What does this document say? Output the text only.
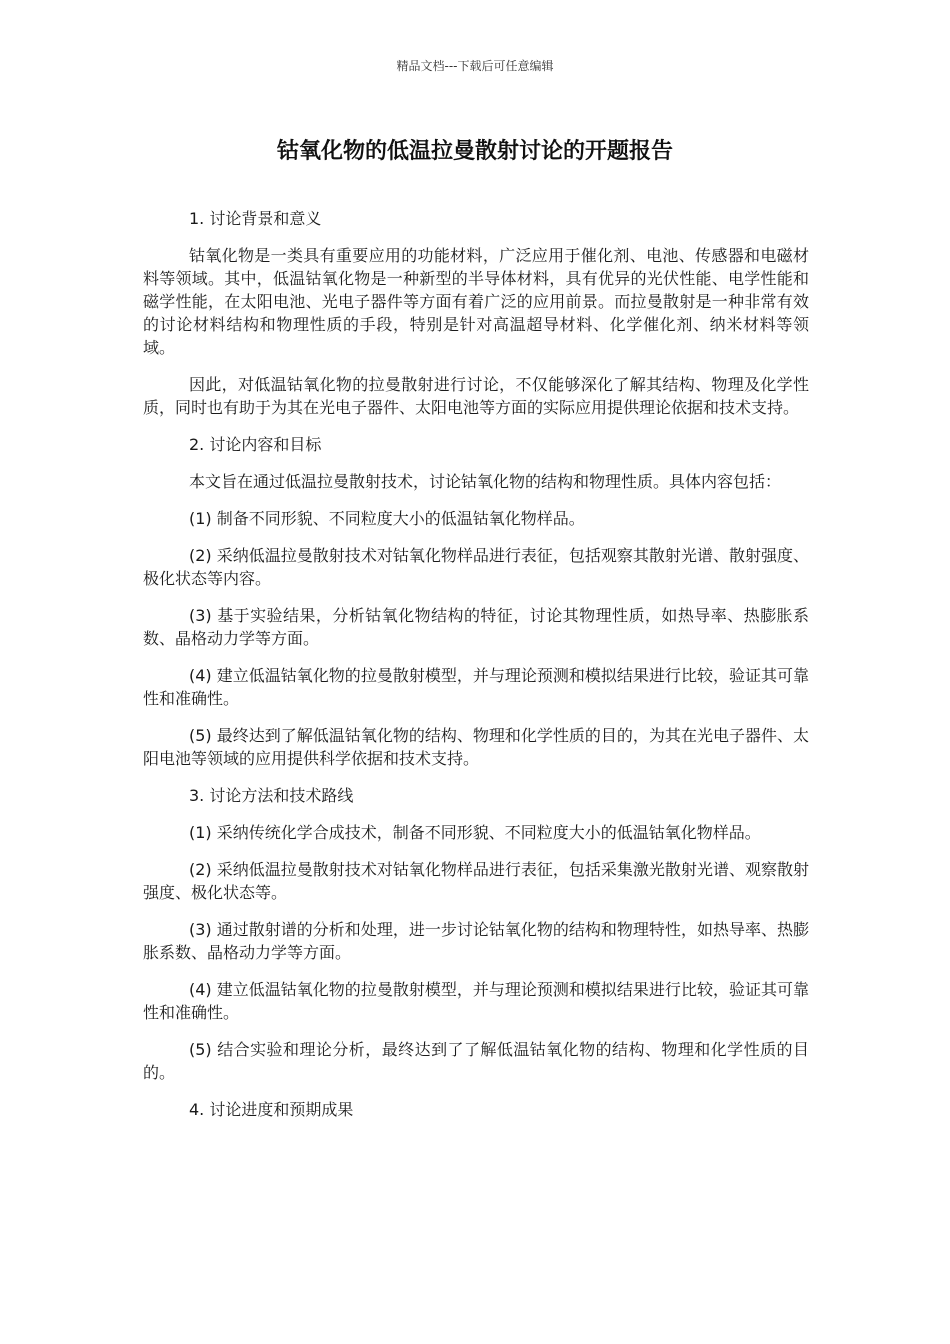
精品文档---下载后可任意编辑
钴氧化物的低温拉曼散射讨论的开题报告

1. 讨论背景和意义

钴氧化物是一类具有重要应用的功能材料，广泛应用于催化剂、电池、传感器和电磁材料等领域。其中，低温钴氧化物是一种新型的半导体材料，具有优异的光伏性能、电学性能和磁学性能，在太阳电池、光电子器件等方面有着广泛的应用前景。而拉曼散射是一种非常有效的讨论材料结构和物理性质的手段，特别是针对高温超导材料、化学催化剂、纳米材料等领域。

因此，对低温钴氧化物的拉曼散射进行讨论，不仅能够深化了解其结构、物理及化学性质，同时也有助于为其在光电子器件、太阳电池等方面的实际应用提供理论依据和技术支持。

2. 讨论内容和目标

本文旨在通过低温拉曼散射技术，讨论钴氧化物的结构和物理性质。具体内容包括：

(1) 制备不同形貌、不同粒度大小的低温钴氧化物样品。

(2) 采纳低温拉曼散射技术对钴氧化物样品进行表征，包括观察其散射光谱、散射强度、极化状态等内容。

(3) 基于实验结果，分析钴氧化物结构的特征，讨论其物理性质，如热导率、热膨胀系数、晶格动力学等方面。

(4) 建立低温钴氧化物的拉曼散射模型，并与理论预测和模拟结果进行比较，验证其可靠性和准确性。

(5) 最终达到了解低温钴氧化物的结构、物理和化学性质的目的，为其在光电子器件、太阳电池等领域的应用提供科学依据和技术支持。

3. 讨论方法和技术路线

(1) 采纳传统化学合成技术，制备不同形貌、不同粒度大小的低温钴氧化物样品。

(2) 采纳低温拉曼散射技术对钴氧化物样品进行表征，包括采集激光散射光谱、观察散射强度、极化状态等。

(3) 通过散射谱的分析和处理，进一步讨论钴氧化物的结构和物理特性，如热导率、热膨胀系数、晶格动力学等方面。

(4) 建立低温钴氧化物的拉曼散射模型，并与理论预测和模拟结果进行比较，验证其可靠性和准确性。

(5) 结合实验和理论分析，最终达到了了解低温钴氧化物的结构、物理和化学性质的目的。

4. 讨论进度和预期成果
